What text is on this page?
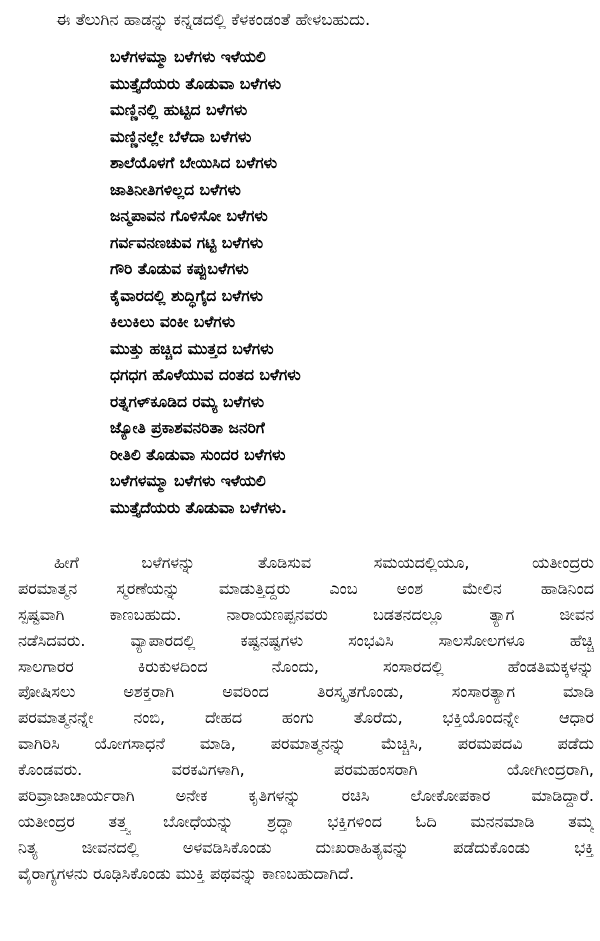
ಈ ತೆಲುಗಿನ ಹಾಡನ್ನು ಕನ್ನಡದಲ್ಲಿ ಕೆಳಕಂಡಂತೆ ಹೇಳಬಹುದು.
ಬಳೆಗಳಮ್ಮಾ ಬಳೆಗಳು ಇಳೆಯಲಿ
ಮುತ್ತೈದೆಯರು ತೊಡುವಾ ಬಳೆಗಳು
ಮಣ್ಣಿನಲ್ಲಿ ಹುಟ್ಟಿದ ಬಳೆಗಳು
ಮಣ್ಣಿನಲ್ಲೇ ಬೆಳೆದಾ ಬಳೆಗಳು
ಶಾಲೆಯೊಳಗೆ ಬೇಯಿಸಿದ ಬಳೆಗಳು
ಜಾತಿನೀತಿಗಳಿಲ್ಲದ ಬಳೆಗಳು
ಜನ್ಮಪಾವನ ಗೊಳಿಸೋ ಬಳೆಗಳು
ಗರ್ವವನಣಚುವ ಗಟ್ಟಿ ಬಳೆಗಳು
ಗೌರಿ ತೊಡುವ ಕಪ್ಪುಬಳೆಗಳು
ಕೈವಾರದಲ್ಲಿ ಶುದ್ಧಿಗೈದ ಬಳೆಗಳು
ಕಿಲುಕಿಲು ವಂಕೀ ಬಳೆಗಳು
ಮುತ್ತು ಹಚ್ಚಿದ ಮುತ್ತದ ಬಳೆಗಳು
ಧಗಧಗ ಹೊಳೆಯುವ ದಂತದ ಬಳೆಗಳು
ರತ್ನಗಳ್‌ಕೂಡಿದ ರಮ್ಯ ಬಳೆಗಳು
ಜ್ಯೋತಿ ಪ್ರಕಾಶವನರಿತಾ ಜನರಿಗೆ
ರೀತಿಲಿ ತೊಡುವಾ ಸುಂದರ ಬಳೆಗಳು
ಬಳೆಗಳಮ್ಮಾ ಬಳೆಗಳು ಇಳೆಯಲಿ
ಮುತ್ತೈದೆಯರು ತೊಡುವಾ ಬಳೆಗಳು.
ಹೀಗೆ ಬಳೆಗಳನ್ನು ತೊಡಿಸುವ ಸಮಯದಲ್ಲಿಯೂ, ಯತೀಂದ್ರರು
ಪರಮಾತ್ಮನ ಸ್ಮರಣೆಯನ್ನು ಮಾಡುತ್ತಿದ್ದರು ಎಂಬ ಅಂಶ ಮೇಲಿನ ಹಾಡಿನಿಂದ
ಸ್ಪಷ್ಟವಾಗಿ ಕಾಣಬಹುದು. ನಾರಾಯಣಪ್ಪನವರು ಬಡತನದಲ್ಲೂ ತ್ಯಾಗ ಜೀವನ
ನಡೆಸಿದವರು. ವ್ಯಾಪಾರದಲ್ಲಿ ಕಷ್ಟನಷ್ಟಗಳು ಸಂಭವಿಸಿ ಸಾಲಸೋಲಗಳೂ ಹೆಚ್ಚಿ
ಸಾಲಗಾರರ ಕಿರುಕುಳದಿಂದ ನೊಂದು, ಸಂಸಾರದಲ್ಲಿ ಹೆಂಡತಿಮಕ್ಕಳನ್ನು
ಪೋಷಿಸಲು ಅಶಕ್ತರಾಗಿ ಅವರಿಂದ ತಿರಸ್ಕೃತಗೊಂಡು, ಸಂಸಾರತ್ಯಾಗ ಮಾಡಿ
ಪರಮಾತ್ಮನನ್ನೇ ನಂಬಿ, ದೇಹದ ಹಂಗು ತೊರೆದು, ಭಕ್ತಿಯೊಂದನ್ನೇ ಆಧಾರ
ವಾಗಿರಿಸಿ ಯೋಗಸಾಧನೆ ಮಾಡಿ, ಪರಮಾತ್ಮನನ್ನು ಮೆಚ್ಚಿಸಿ, ಪರಮಪದವಿ ಪಡೆದು
ಕೊಂಡವರು. ವರಕವಿಗಳಾಗಿ, ಪರಮಹಂಸರಾಗಿ ಯೋಗೀಂದ್ರರಾಗಿ,
ಪರಿವ್ರಾಜಾಚಾರ್ಯರಾಗಿ ಅನೇಕ ಕೃತಿಗಳನ್ನು ರಚಿಸಿ ಲೋಕೋಪಕಾರ ಮಾಡಿದ್ದಾರೆ.
ಯತೀಂದ್ರರ ತತ್ತ್ವ ಬೋಧೆಯನ್ನು ಶ್ರದ್ಧಾ ಭಕ್ತಿಗಳಿಂದ ಓದಿ ಮನನಮಾಡಿ ತಮ್ಮ
ನಿತ್ಯ ಜೀವನದಲ್ಲಿ ಅಳವಡಿಸಿಕೊಂಡು ದುಃಖರಾಹಿತ್ಯವನ್ನು ಪಡೆದುಕೊಂಡು ಭಕ್ತಿ
ವೈರಾಗ್ಯಗಳನು ರೂಢಿಸಿಕೊಂಡು ಮುಕ್ತಿ ಪಥವನ್ನು ಕಾಣಬಹುದಾಗಿದೆ.
